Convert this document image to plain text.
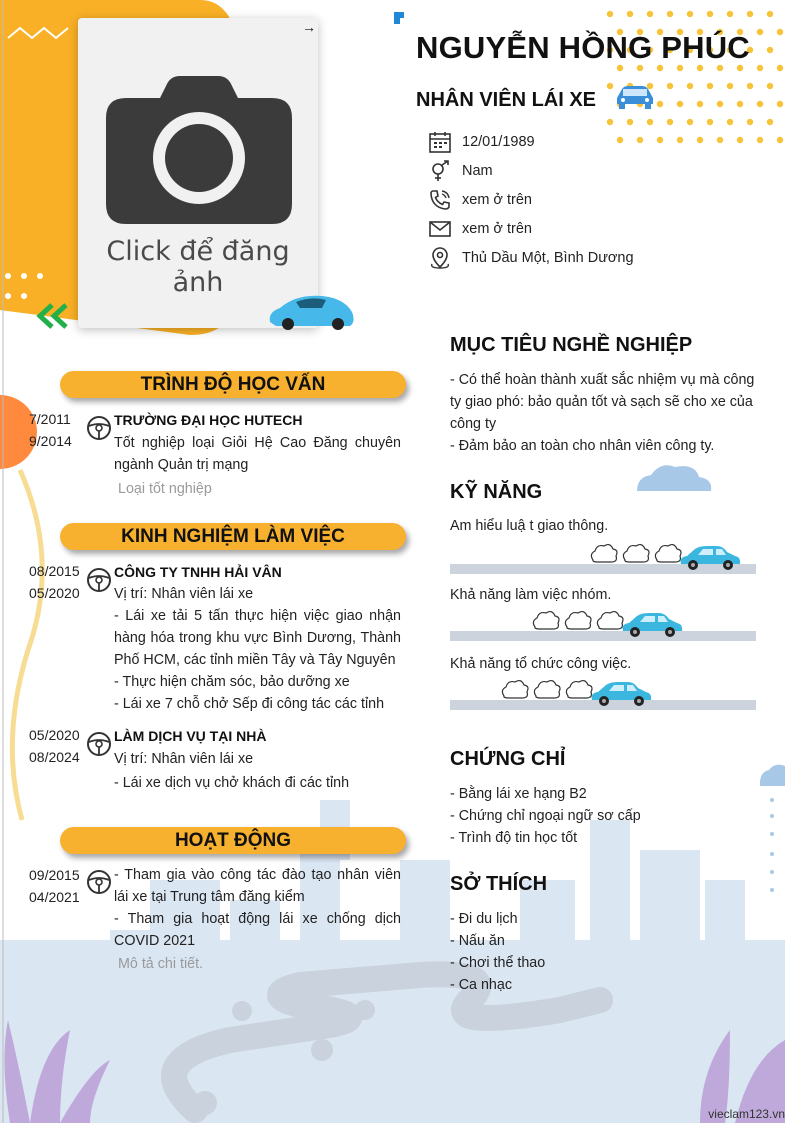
Click để đăng ảnh
→
NGUYỄN HỒNG PHÚC
NHÂN VIÊN LÁI XE
12/01/1989
Nam
xem ở trên
xem ở trên
Thủ Dầu Một, Bình Dương
TRÌNH ĐỘ HỌC VẤN
7/2011
9/2014
TRƯỜNG ĐẠI HỌC HUTECH
Tốt nghiệp loại Giỏi Hệ Cao Đăng chuyên ngành Quản trị mạng
Loại tốt nghiệp
KINH NGHIỆM LÀM VIỆC
08/2015
05/2020
CÔNG TY TNHH HẢI VÂN
Vị trí: Nhân viên lái xe
- Lái xe tải 5 tấn thực hiện việc giao nhận hàng hóa trong khu vực Bình Dương, Thành Phố HCM, các tỉnh miền Tây và Tây Nguyên
- Thực hiện chăm sóc, bảo dưỡng xe
- Lái xe 7 chỗ chở Sếp đi công tác các tỉnh
05/2020
08/2024
LÀM DỊCH VỤ TẠI NHÀ
Vị trí: Nhân viên lái xe
- Lái xe dịch vụ chở khách đi các tỉnh
HOẠT ĐỘNG
09/2015
04/2021
- Tham gia vào công tác đào tạo nhân viên lái xe tại Trung tâm đăng kiểm
- Tham gia hoạt động lái xe chống dịch COVID 2021
Mô tả chi tiết.
MỤC TIÊU NGHỀ NGHIỆP
- Có thể hoàn thành xuất sắc nhiệm vụ mà công ty giao phó: bảo quản tốt và sạch sẽ cho xe của công ty
- Đảm bảo an toàn cho nhân viên công ty.
KỸ NĂNG
Am hiểu luậ t giao thông.
Khả năng làm việc nhóm.
Khả năng tổ chức công việc.
CHỨNG CHỈ
- Bằng lái xe hạng B2
- Chứng chỉ ngoại ngữ sơ cấp
- Trình độ tin học tốt
SỞ THÍCH
- Đi du lịch
- Nấu ăn
- Chơi thể thao
- Ca nhạc
vieclam123.vn
